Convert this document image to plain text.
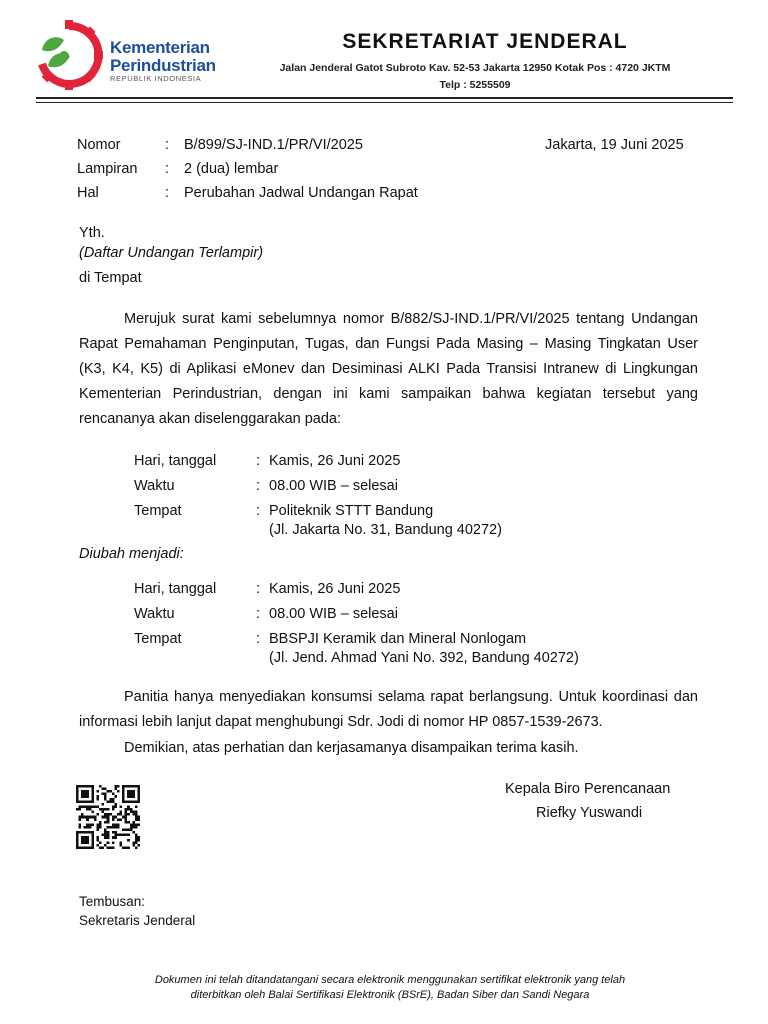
Kementerian
Perindustrian
REPUBLIK INDONESIA
SEKRETARIAT JENDERAL
Jalan Jenderal Gatot Subroto Kav. 52-53 Jakarta 12950 Kotak Pos : 4720 JKTM
Telp : 5255509
Nomor	: B/899/SJ-IND.1/PR/VI/2025	Jakarta, 19 Juni 2025
Lampiran : 2 (dua) lembar
Hal	: Perubahan Jadwal Undangan Rapat
Yth.
(Daftar Undangan Terlampir)
di Tempat

Merujuk surat kami sebelumnya nomor B/882/SJ-IND.1/PR/VI/2025 tentang Undangan Rapat Pemahaman Penginputan, Tugas, dan Fungsi Pada Masing – Masing Tingkatan User (K3, K4, K5) di Aplikasi eMonev dan Desiminasi ALKI Pada Transisi Intranew di Lingkungan Kementerian Perindustrian, dengan ini kami sampaikan bahwa kegiatan tersebut yang rencananya akan diselenggarakan pada:

Hari, tanggal	: Kamis, 26 Juni 2025
Waktu	: 08.00 WIB – selesai
Tempat	: Politeknik STTT Bandung
(Jl. Jakarta No. 31, Bandung 40272)
Diubah menjadi:
Hari, tanggal	: Kamis, 26 Juni 2025
Waktu	: 08.00 WIB – selesai
Tempat	: BBSPJI Keramik dan Mineral Nonlogam
(Jl. Jend. Ahmad Yani No. 392, Bandung 40272)

Panitia hanya menyediakan konsumsi selama rapat berlangsung. Untuk koordinasi dan informasi lebih lanjut dapat menghubungi Sdr. Jodi di nomor HP 0857-1539-2673.

Demikian, atas perhatian dan kerjasamanya disampaikan terima kasih.
Kepala Biro Perencanaan
Riefky Yuswandi
Tembusan:
Sekretaris Jenderal
Dokumen ini telah ditandatangani secara elektronik menggunakan sertifikat elektronik yang telah
diterbitkan oleh Balai Sertifikasi Elektronik (BSrE), Badan Siber dan Sandi Negara
